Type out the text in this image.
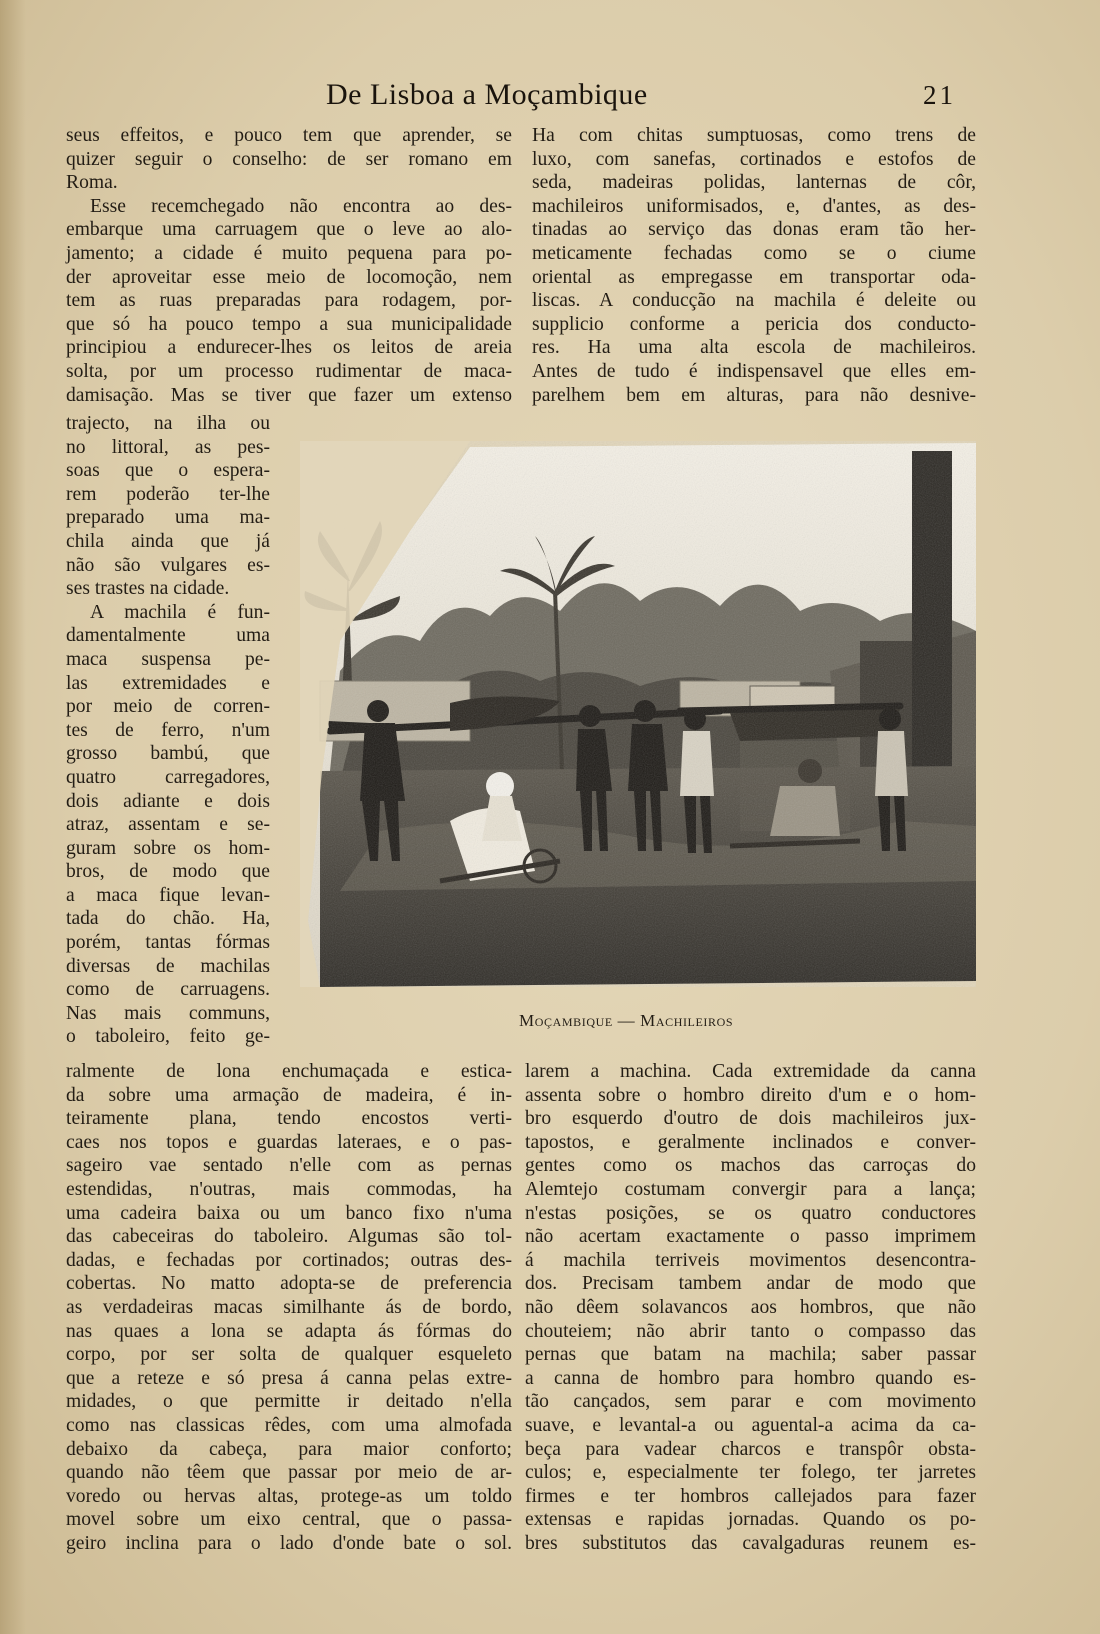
De Lisboa a Moçambique	21
seus effeitos, e pouco tem que aprender, se
quizer seguir o conselho: de ser romano em
Roma.
Esse recemchegado não encontra ao des-
embarque uma carruagem que o leve ao alo-
jamento; a cidade é muito pequena para po-
der aproveitar esse meio de locomoção, nem
tem as ruas preparadas para rodagem, por-
que só ha pouco tempo a sua municipalidade
principiou a endurecer-lhes os leitos de areia
solta, por um processo rudimentar de maca-
damisação. Mas se tiver que fazer um extenso
trajecto, na ilha ou
no littoral, as pes-
soas que o espera-
rem poderão ter-lhe
preparado uma ma-
chila ainda que já
não são vulgares es-
ses trastes na cidade.
A machila é fun-
damentalmente uma
maca suspensa pe-
las extremidades e
por meio de corren-
tes de ferro, n'um
grosso bambú, que
quatro carregadores,
dois adiante e dois
atraz, assentam e se-
guram sobre os hom-
bros, de modo que
a maca fique levan-
tada do chão. Ha,
porém, tantas fórmas
diversas de machilas
como de carruagens.
Nas mais communs,
o taboleiro, feito ge-
ralmente de lona enchumaçada e estica-
da sobre uma armação de madeira, é in-
teiramente plana, tendo encostos verti-
caes nos topos e guardas lateraes, e o pas-
sageiro vae sentado n'elle com as pernas
estendidas, n'outras, mais commodas, ha
uma cadeira baixa ou um banco fixo n'uma
das cabeceiras do taboleiro. Algumas são tol-
dadas, e fechadas por cortinados; outras des-
cobertas. No matto adopta-se de preferencia
as verdadeiras macas similhante ás de bordo,
nas quaes a lona se adapta ás fórmas do
corpo, por ser solta de qualquer esqueleto
que a reteze e só presa á canna pelas extre-
midades, o que permitte ir deitado n'ella
como nas classicas rêdes, com uma almofada
debaixo da cabeça, para maior conforto;
quando não têem que passar por meio de ar-
voredo ou hervas altas, protege-as um toldo
movel sobre um eixo central, que o passa-
geiro inclina para o lado d'onde bate o sol.
Ha com chitas sumptuosas, como trens de
luxo, com sanefas, cortinados e estofos de
seda, madeiras polidas, lanternas de côr,
machileiros uniformisados, e, d'antes, as des-
tinadas ao serviço das donas eram tão her-
meticamente fechadas como se o ciume
oriental as empregasse em transportar oda-
liscas. A conducção na machila é deleite ou
supplicio conforme a pericia dos conducto-
res. Ha uma alta escola de machileiros.
Antes de tudo é indispensavel que elles em-
parelhem bem em alturas, para não desnive-
Moçambique — Machileiros
larem a machina. Cada extremidade da canna
assenta sobre o hombro direito d'um e o hom-
bro esquerdo d'outro de dois machileiros jux-
tapostos, e geralmente inclinados e conver-
gentes como os machos das carroças do
Alemtejo costumam convergir para a lança;
n'estas posições, se os quatro conductores
não acertam exactamente o passo imprimem
á machila terriveis movimentos desencontra-
dos. Precisam tambem andar de modo que
não dêem solavancos aos hombros, que não
chouteiem; não abrir tanto o compasso das
pernas que batam na machila; saber passar
a canna de hombro para hombro quando es-
tão cançados, sem parar e com movimento
suave, e levantal-a ou aguental-a acima da ca-
beça para vadear charcos e transpôr obsta-
culos; e, especialmente ter folego, ter jarretes
firmes e ter hombros callejados para fazer
extensas e rapidas jornadas. Quando os po-
bres substitutos das cavalgaduras reunem es-
